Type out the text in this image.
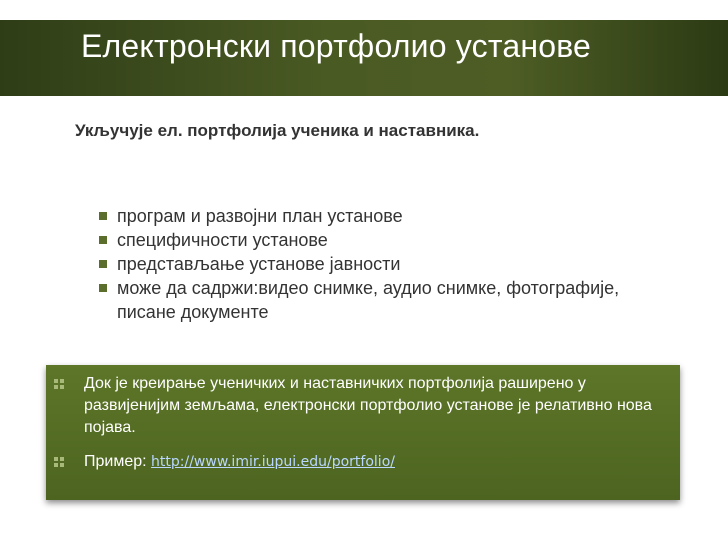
Електронски портфолио установе
Укључује ел. портфолија ученика и наставника.
програм и развојни план установе
специфичности установе
представљање установе јавности
може да садржи:видео снимке, аудио снимке, фотографије, писане документе
Док је креирање ученичких и наставничких портфолија раширено у развијенијим земљама, електронски портфолио установе је релативно нова појава.
Пример: http://www.imir.iupui.edu/portfolio/
